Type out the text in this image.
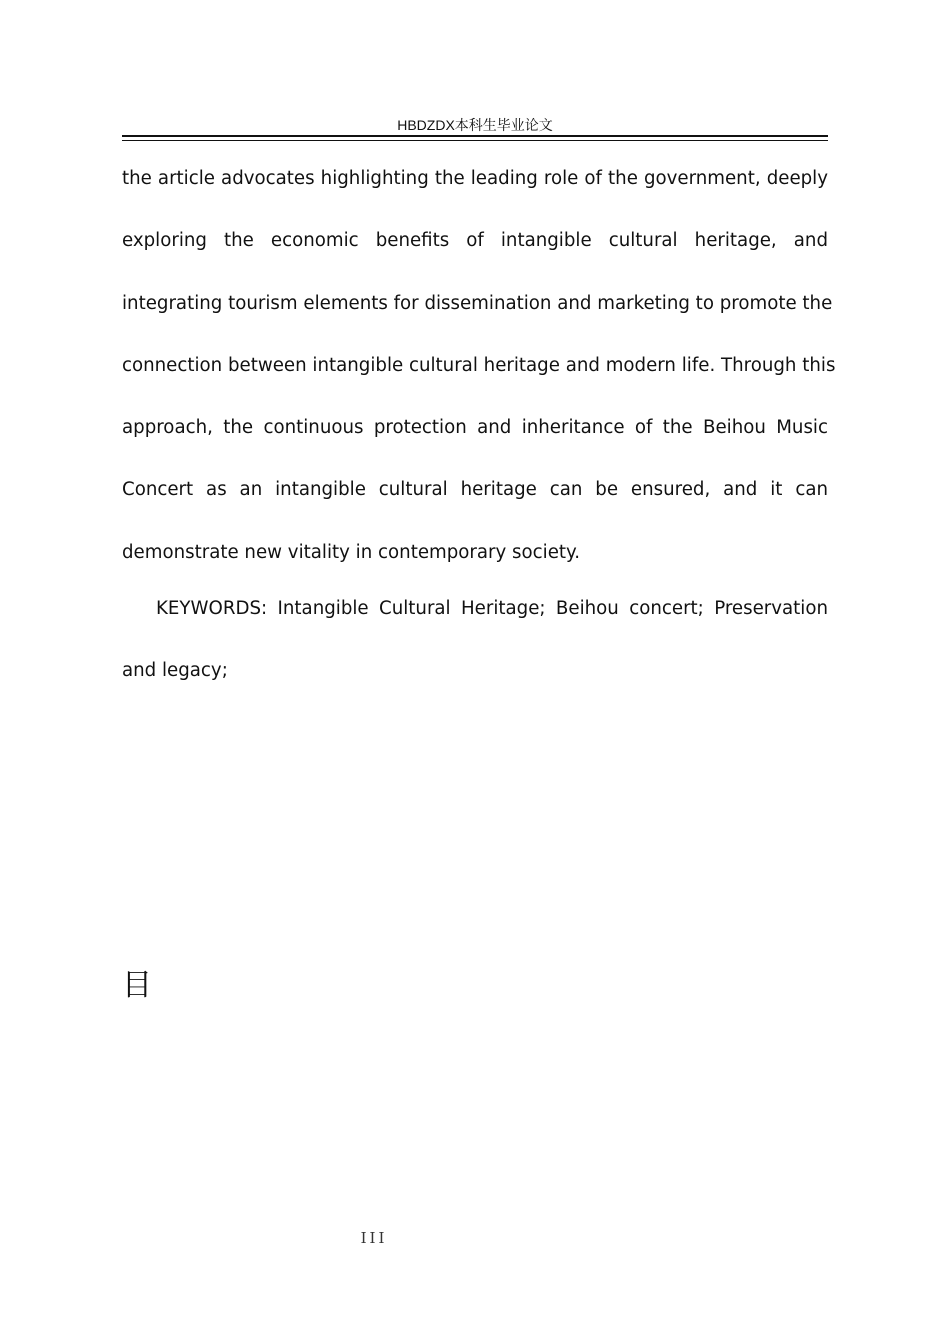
HBDZDX本科生毕业论文
the article advocates highlighting the leading role of the government, deeply
exploring the economic benefits of intangible cultural heritage, and
integrating tourism elements for dissemination and marketing to promote the
connection between intangible cultural heritage and modern life. Through this
approach, the continuous protection and inheritance of the Beihou Music
Concert as an intangible cultural heritage can be ensured, and it can
demonstrate new vitality in contemporary society.
KEYWORDS: Intangible Cultural Heritage; Beihou concert; Preservation
and legacy;
目
III
